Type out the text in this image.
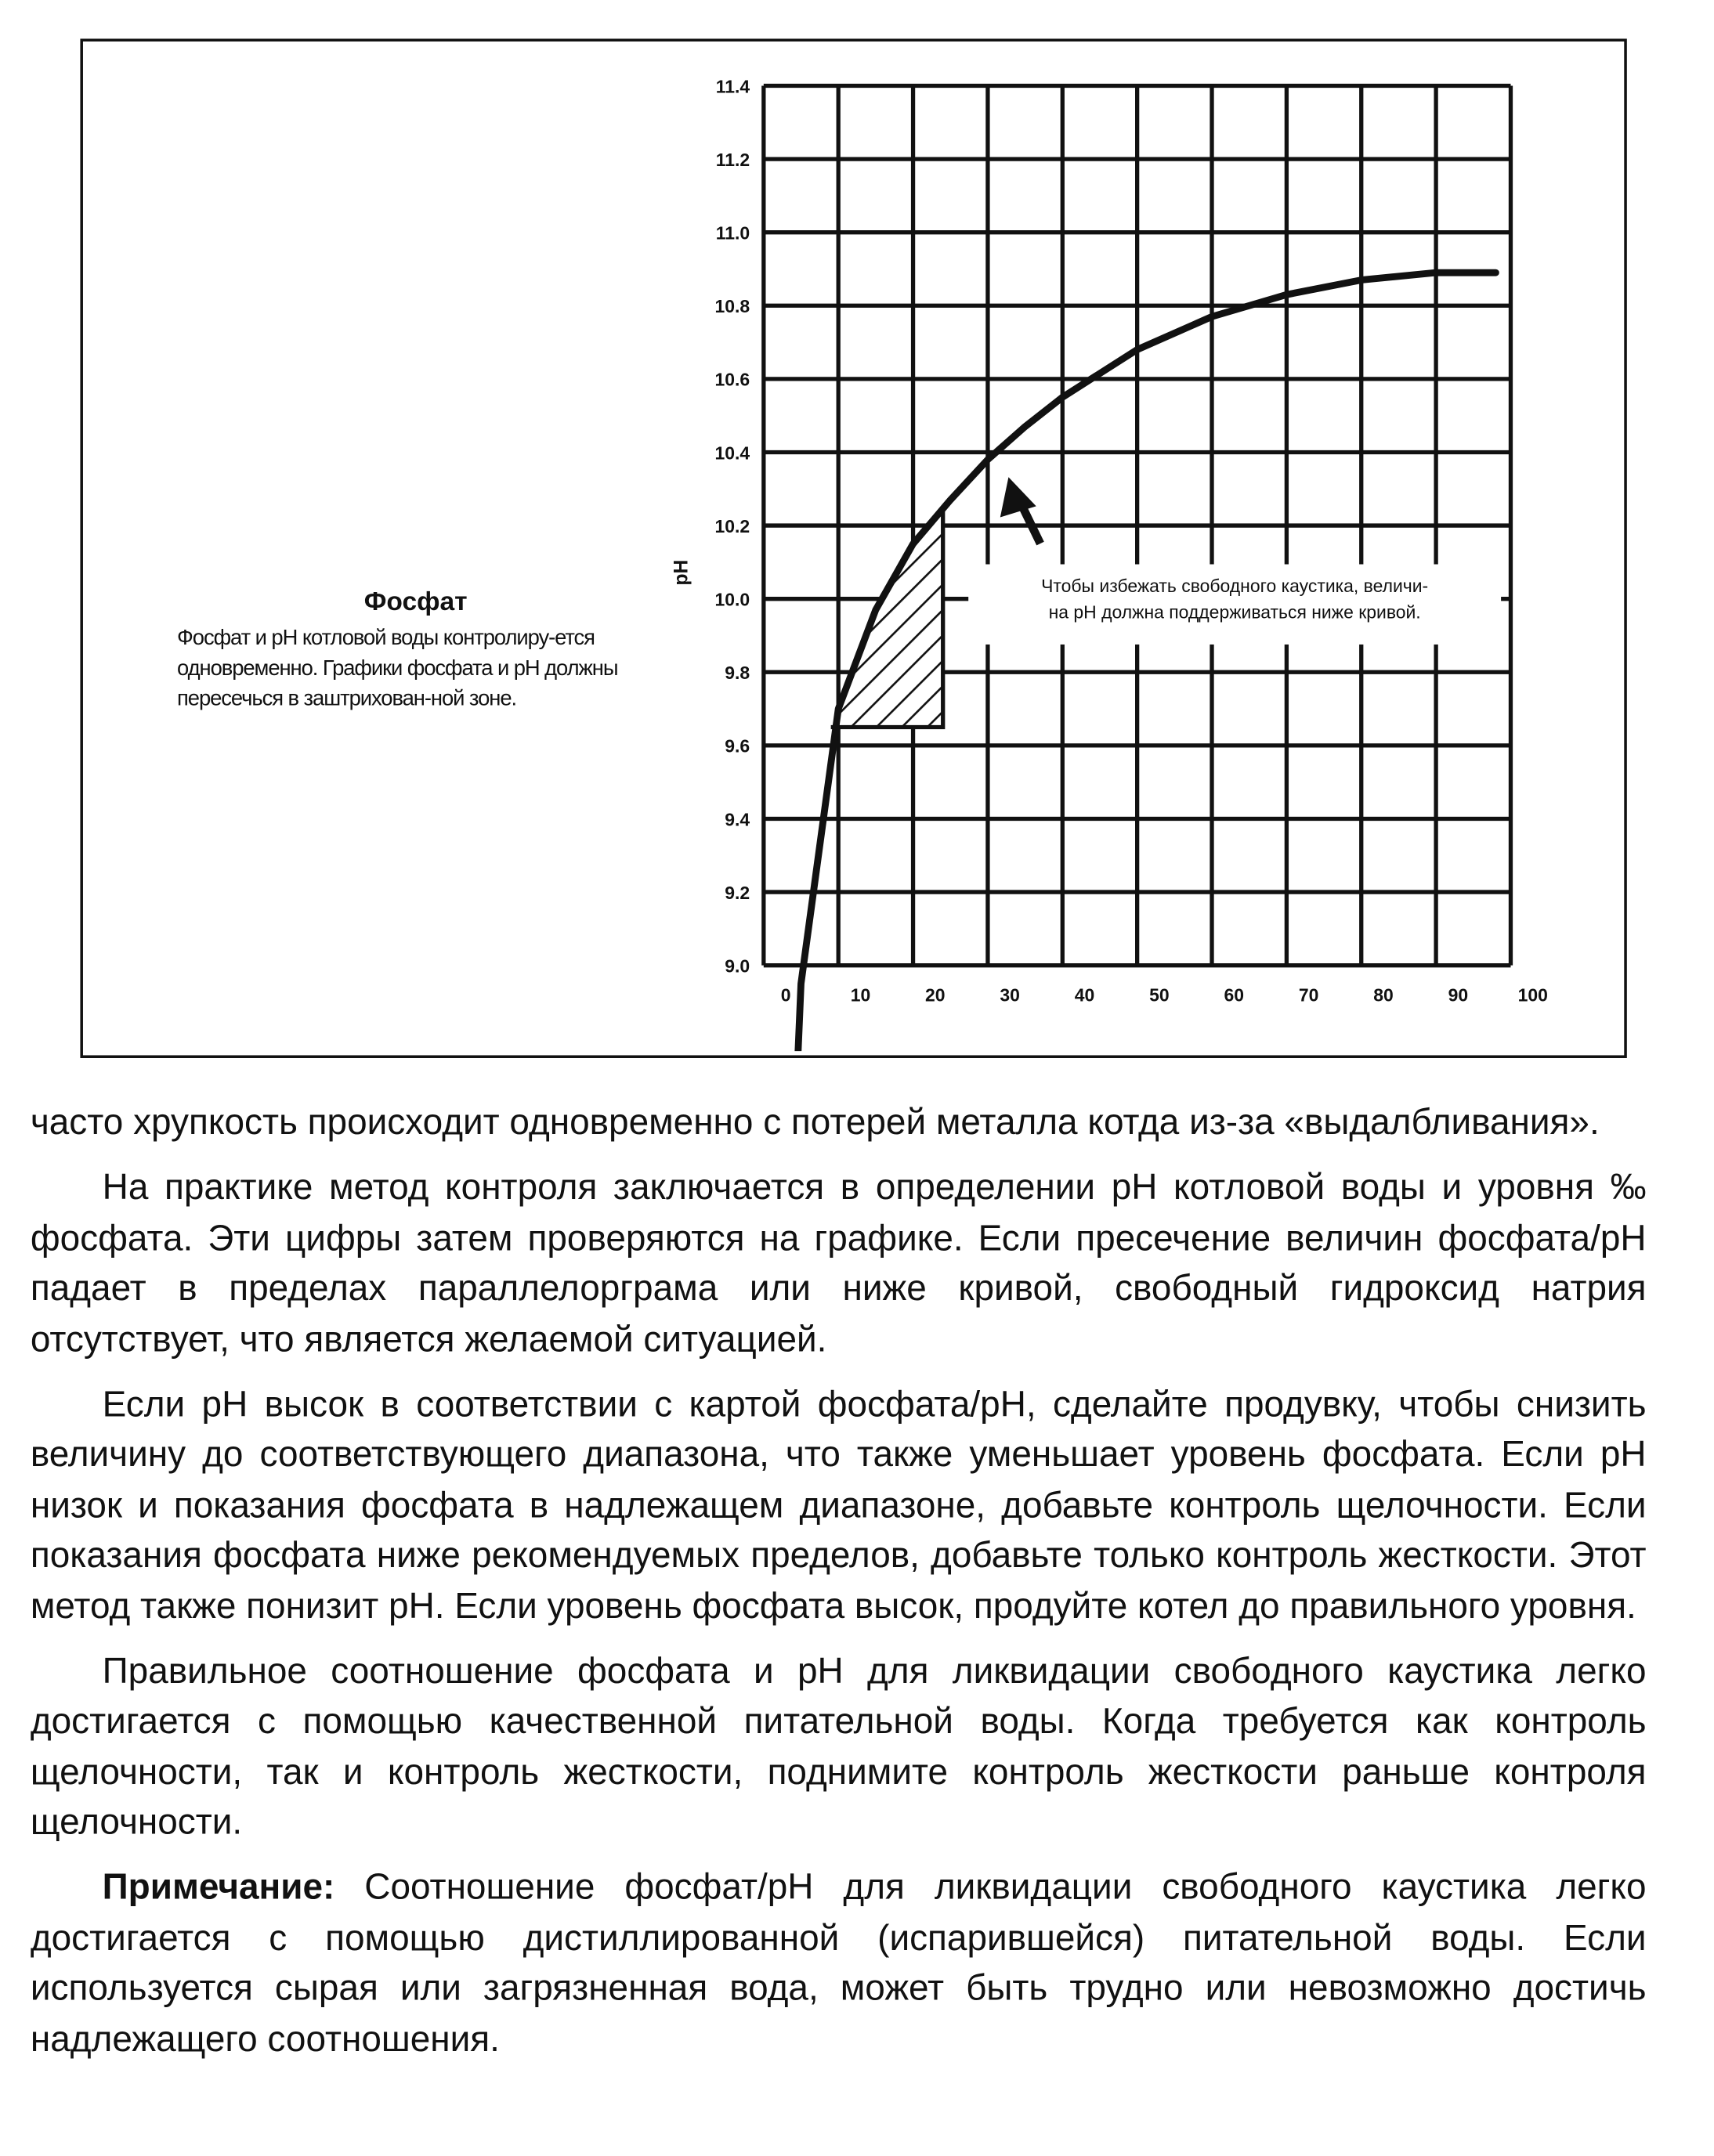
Фосфат
Фосфат и pH котловой воды контролиру-ется одновременно. Графики фосфата и pH должны пересечься в заштрихован-ной зоне.
11.4
11.2
11.0
10.8
10.6
10.4
10.2
10.0
9.8
9.6
9.4
9.2
9.0
0	10	20	30	40	50	60	70	80	90	100
pH
Чтобы избежать свободного каустика, величи-
на pH должна поддерживаться ниже кривой.

часто хрупкость происходит одновременно с потерей металла котда из-за «выдалбливания».

На практике метод контроля заключается в определении pH котловой воды и уровня ‰ фосфата. Эти цифры затем проверяются на графике. Если пресечение величин фосфата/pH падает в пределах параллелорграма или ниже кривой, свободный гидроксид натрия отсутствует, что является желаемой ситуацией.

Если pH высок в соответствии с картой фосфата/pH, сделайте продувку, чтобы снизить величину до соответствующего диапазона, что также уменьшает уровень фосфата. Если pH низок и показания фосфата в надлежащем диапазоне, добавьте контроль щелочности. Если показания фосфата ниже рекомендуемых пределов, добавьте только контроль жесткости. Этот метод также понизит pH. Если уровень фосфата высок, продуйте котел до правильного уровня.

Правильное соотношение фосфата и pH для ликвидации свободного каустика легко достигается с помощью качественной питательной воды. Когда требуется как контроль щелочности, так и контроль жесткости, поднимите контроль жесткости раньше контроля щелочности.

Примечание: Соотношение фосфат/pH для ликвидации свободного каустика легко достигается с помощью дистиллированной (испарившейся) питательной воды. Если используется сырая или загрязненная вода, может быть трудно или невозможно достичь надлежащего соотношения.
